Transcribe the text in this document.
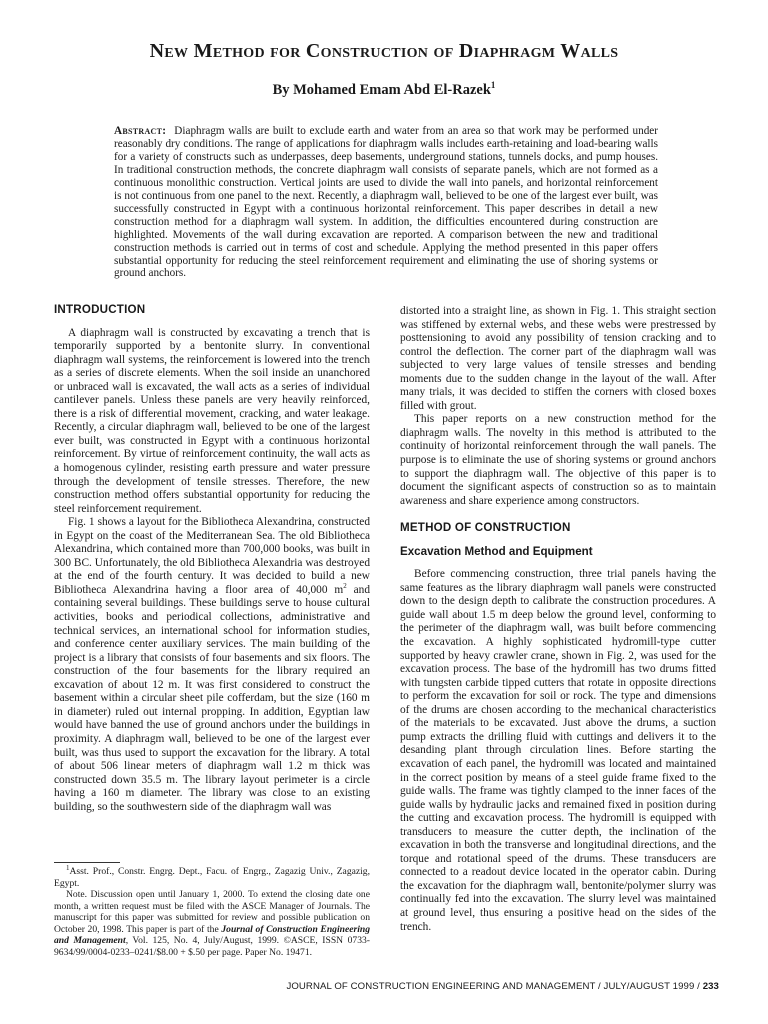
New Method for Construction of Diaphragm Walls
By Mohamed Emam Abd El-Razek$^1$
Abstract: Diaphragm walls are built to exclude earth and water from an area so that work may be performed under reasonably dry conditions. The range of applications for diaphragm walls includes earth-retaining and load-bearing walls for a variety of constructs such as underpasses, deep basements, underground stations, tunnels docks, and pump houses. In traditional construction methods, the concrete diaphragm wall consists of separate panels, which are not formed as a continuous monolithic construction. Vertical joints are used to divide the wall into panels, and horizontal reinforcement is not continuous from one panel to the next. Recently, a diaphragm wall, believed to be one of the largest ever built, was successfully constructed in Egypt with a continuous horizontal reinforcement. This paper describes in detail a new construction method for a diaphragm wall system. In addition, the difficulties encountered during construction are highlighted. Movements of the wall during excavation are reported. A comparison between the new and traditional construction methods is carried out in terms of cost and schedule. Applying the method presented in this paper offers substantial opportunity for reducing the steel reinforcement requirement and eliminating the use of shoring systems or ground anchors.
INTRODUCTION

A diaphragm wall is constructed by excavating a trench that is temporarily supported by a bentonite slurry. In conventional diaphragm wall systems, the reinforcement is lowered into the trench as a series of discrete elements. When the soil inside an unanchored or unbraced wall is excavated, the wall acts as a series of individual cantilever panels. Unless these panels are very heavily reinforced, there is a risk of differential movement, cracking, and water leakage. Recently, a circular diaphragm wall, believed to be one of the largest ever built, was constructed in Egypt with a continuous horizontal reinforcement. By virtue of reinforcement continuity, the wall acts as a homogenous cylinder, resisting earth pressure and water pressure through the development of tensile stresses. Therefore, the new construction method offers substantial opportunity for reducing the steel reinforcement requirement.

Fig. 1 shows a layout for the Bibliotheca Alexandrina, constructed in Egypt on the coast of the Mediterranean Sea. The old Bibliotheca Alexandrina, which contained more than 700,000 books, was built in 300 BC. Unfortunately, the old Bibliotheca Alexandria was destroyed at the end of the fourth century. It was decided to build a new Bibliotheca Alexandrina having a floor area of 40,000 $m^2$ and containing several buildings. These buildings serve to house cultural activities, books and periodical collections, administrative and technical services, an international school for information studies, and conference center auxiliary services. The main building of the project is a library that consists of four basements and six floors. The construction of the four basements for the library required an excavation of about 12 m. It was first considered to construct the basement within a circular sheet pile cofferdam, but the size (160 m in diameter) ruled out internal propping. In addition, Egyptian law would have banned the use of ground anchors under the buildings in proximity. A diaphragm wall, believed to be one of the largest ever built, was thus used to support the excavation for the library. A total of about 506 linear meters of diaphragm wall 1.2 m thick was constructed down 35.5 m. The library layout perimeter is a circle having a 160 m diameter. The library was close to an existing building, so the southwestern side of the diaphragm wall was

$^1$Asst. Prof., Constr. Engrg. Dept., Facu. of Engrg., Zagazig Univ., Zagazig, Egypt.

Note. Discussion open until January 1, 2000. To extend the closing date one month, a written request must be filed with the ASCE Manager of Journals. The manuscript for this paper was submitted for review and possible publication on October 20, 1998. This paper is part of the Journal of Construction Engineering and Management, Vol. 125, No. 4, July/August, 1999. ©ASCE, ISSN 0733-9634/99/0004-0233–0241/$8.00 + $.50 per page. Paper No. 19471.

distorted into a straight line, as shown in Fig. 1. This straight section was stiffened by external webs, and these webs were prestressed by posttensioning to avoid any possibility of tension cracking and to control the deflection. The corner part of the diaphragm wall was subjected to very large values of tensile stresses and bending moments due to the sudden change in the layout of the wall. After many trials, it was decided to stiffen the corners with closed boxes filled with grout.

This paper reports on a new construction method for the diaphragm walls. The novelty in this method is attributed to the continuity of horizontal reinforcement through the wall panels. The purpose is to eliminate the use of shoring systems or ground anchors to support the diaphragm wall. The objective of this paper is to document the significant aspects of construction so as to maintain awareness and share experience among constructors.

METHOD OF CONSTRUCTION
Excavation Method and Equipment

Before commencing construction, three trial panels having the same features as the library diaphragm wall panels were constructed down to the design depth to calibrate the construction procedures. A guide wall about 1.5 m deep below the ground level, conforming to the perimeter of the diaphragm wall, was built before commencing the excavation. A highly sophisticated hydromill-type cutter supported by heavy crawler crane, shown in Fig. 2, was used for the excavation process. The base of the hydromill has two drums fitted with tungsten carbide tipped cutters that rotate in opposite directions to perform the excavation for soil or rock. The type and dimensions of the drums are chosen according to the mechanical characteristics of the materials to be excavated. Just above the drums, a suction pump extracts the drilling fluid with cuttings and delivers it to the desanding plant through circulation lines. Before starting the excavation of each panel, the hydromill was located and maintained in the correct position by means of a steel guide frame fixed to the guide walls. The frame was tightly clamped to the inner faces of the guide walls by hydraulic jacks and remained fixed in position during the cutting and excavation process. The hydromill is equipped with transducers to measure the cutter depth, the inclination of the excavation in both the transverse and longitudinal directions, and the torque and rotational speed of the drums. These transducers are connected to a readout device located in the operator cabin. During the excavation for the diaphragm wall, bentonite/polymer slurry was continually fed into the excavation. The slurry level was maintained at ground level, thus ensuring a positive head on the sides of the trench.

JOURNAL OF CONSTRUCTION ENGINEERING AND MANAGEMENT / JULY/AUGUST 1999 / 233
